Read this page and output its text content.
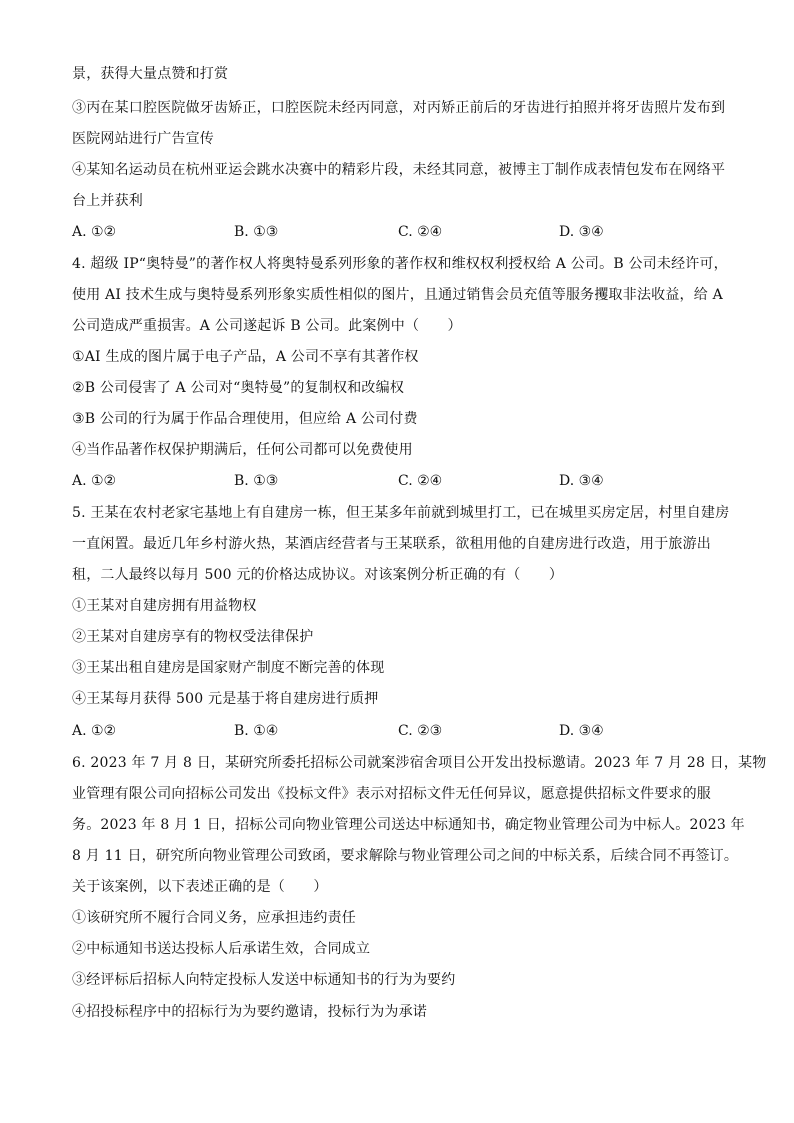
景，获得大量点赞和打赏
③丙在某口腔医院做牙齿矫正，口腔医院未经丙同意，对丙矫正前后的牙齿进行拍照并将牙齿照片发布到
医院网站进行广告宣传
④某知名运动员在杭州亚运会跳水决赛中的精彩片段，未经其同意，被博主丁制作成表情包发布在网络平
台上并获利
A. ①②	B. ①③	C. ②④	D. ③④
4. 超级 IP“奥特曼”的著作权人将奥特曼系列形象的著作权和维权权利授权给 A 公司。B 公司未经许可，
使用 AI 技术生成与奥特曼系列形象实质性相似的图片，且通过销售会员充值等服务攫取非法收益，给 A
公司造成严重损害。A 公司遂起诉 B 公司。此案例中（　　）
①AI 生成的图片属于电子产品，A 公司不享有其著作权
②B 公司侵害了 A 公司对“奥特曼”的复制权和改编权
③B 公司的行为属于作品合理使用，但应给 A 公司付费
④当作品著作权保护期满后，任何公司都可以免费使用
A. ①②	B. ①③	C. ②④	D. ③④
5. 王某在农村老家宅基地上有自建房一栋，但王某多年前就到城里打工，已在城里买房定居，村里自建房
一直闲置。最近几年乡村游火热，某酒店经营者与王某联系，欲租用他的自建房进行改造，用于旅游出
租，二人最终以每月 500 元的价格达成协议。对该案例分析正确的有（　　）
①王某对自建房拥有用益物权
②王某对自建房享有的物权受法律保护
③王某出租自建房是国家财产制度不断完善的体现
④王某每月获得 500 元是基于将自建房进行质押
A. ①②	B. ①④	C. ②③	D. ③④
6. 2023 年 7 月 8 日，某研究所委托招标公司就案涉宿舍项目公开发出投标邀请。2023 年 7 月 28 日，某物
业管理有限公司向招标公司发出《投标文件》表示对招标文件无任何异议，愿意提供招标文件要求的服
务。2023 年 8 月 1 日，招标公司向物业管理公司送达中标通知书，确定物业管理公司为中标人。2023 年
8 月 11 日，研究所向物业管理公司致函，要求解除与物业管理公司之间的中标关系，后续合同不再签订。
关于该案例，以下表述正确的是（　　）
①该研究所不履行合同义务，应承担违约责任
②中标通知书送达投标人后承诺生效，合同成立
③经评标后招标人向特定投标人发送中标通知书的行为为要约
④招投标程序中的招标行为为要约邀请，投标行为为承诺
